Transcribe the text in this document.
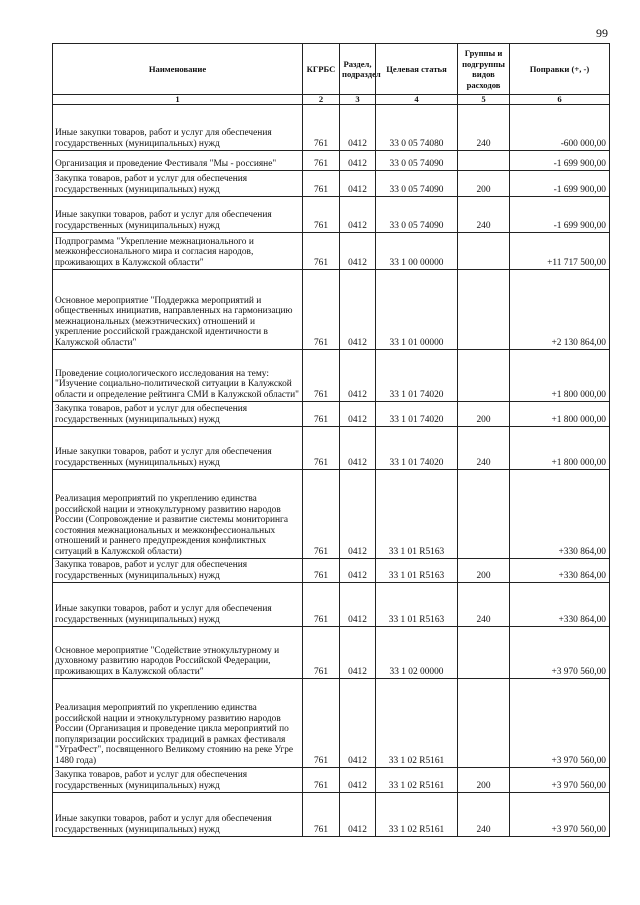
99
Наименование	КГРБС	Раздел, подраздел	Целевая статья	Группы и подгруппы видов расходов	Поправки (+, -)
1	2	3	4	5	6
Иные закупки товаров, работ и услуг для обеспечения государственных (муниципальных) нужд	761	0412	33 0 05 74080	240	-600 000,00
Организация и проведение Фестиваля "Мы - россияне"	761	0412	33 0 05 74090		-1 699 900,00
Закупка товаров, работ и услуг для обеспечения государственных (муниципальных) нужд	761	0412	33 0 05 74090	200	-1 699 900,00
Иные закупки товаров, работ и услуг для обеспечения государственных (муниципальных) нужд	761	0412	33 0 05 74090	240	-1 699 900,00
Подпрограмма "Укрепление межнационального и межконфессионального мира и согласия народов, проживающих в Калужской области"	761	0412	33 1 00 00000		+11 717 500,00
Основное мероприятие "Поддержка мероприятий и общественных инициатив, направленных на гармонизацию межнациональных (межэтнических) отношений и укрепление российской гражданской идентичности в Калужской области"	761	0412	33 1 01 00000		+2 130 864,00
Проведение социологического исследования на тему: "Изучение социально-политической ситуации в Калужской области и определение рейтинга СМИ в Калужской области"	761	0412	33 1 01 74020		+1 800 000,00
Закупка товаров, работ и услуг для обеспечения государственных (муниципальных) нужд	761	0412	33 1 01 74020	200	+1 800 000,00
Иные закупки товаров, работ и услуг для обеспечения государственных (муниципальных) нужд	761	0412	33 1 01 74020	240	+1 800 000,00
Реализация мероприятий по укреплению единства российской нации и этнокультурному развитию народов России (Сопровождение и развитие системы мониторинга состояния межнациональных и межконфессиональных отношений и раннего предупреждения конфликтных ситуаций в Калужской области)	761	0412	33 1 01 R5163		+330 864,00
Закупка товаров, работ и услуг для обеспечения государственных (муниципальных) нужд	761	0412	33 1 01 R5163	200	+330 864,00
Иные закупки товаров, работ и услуг для обеспечения государственных (муниципальных) нужд	761	0412	33 1 01 R5163	240	+330 864,00
Основное мероприятие "Содействие этнокультурному и духовному развитию народов Российской Федерации, проживающих в Калужской области"	761	0412	33 1 02 00000		+3 970 560,00
Реализация мероприятий по укреплению единства российской нации и этнокультурному развитию народов России (Организация и проведение цикла мероприятий по популяризации российских традиций в рамках фестиваля "УграФест", посвященного Великому стоянию на реке Угре 1480 года)	761	0412	33 1 02 R5161		+3 970 560,00
Закупка товаров, работ и услуг для обеспечения государственных (муниципальных) нужд	761	0412	33 1 02 R5161	200	+3 970 560,00
Иные закупки товаров, работ и услуг для обеспечения государственных (муниципальных) нужд	761	0412	33 1 02 R5161	240	+3 970 560,00
